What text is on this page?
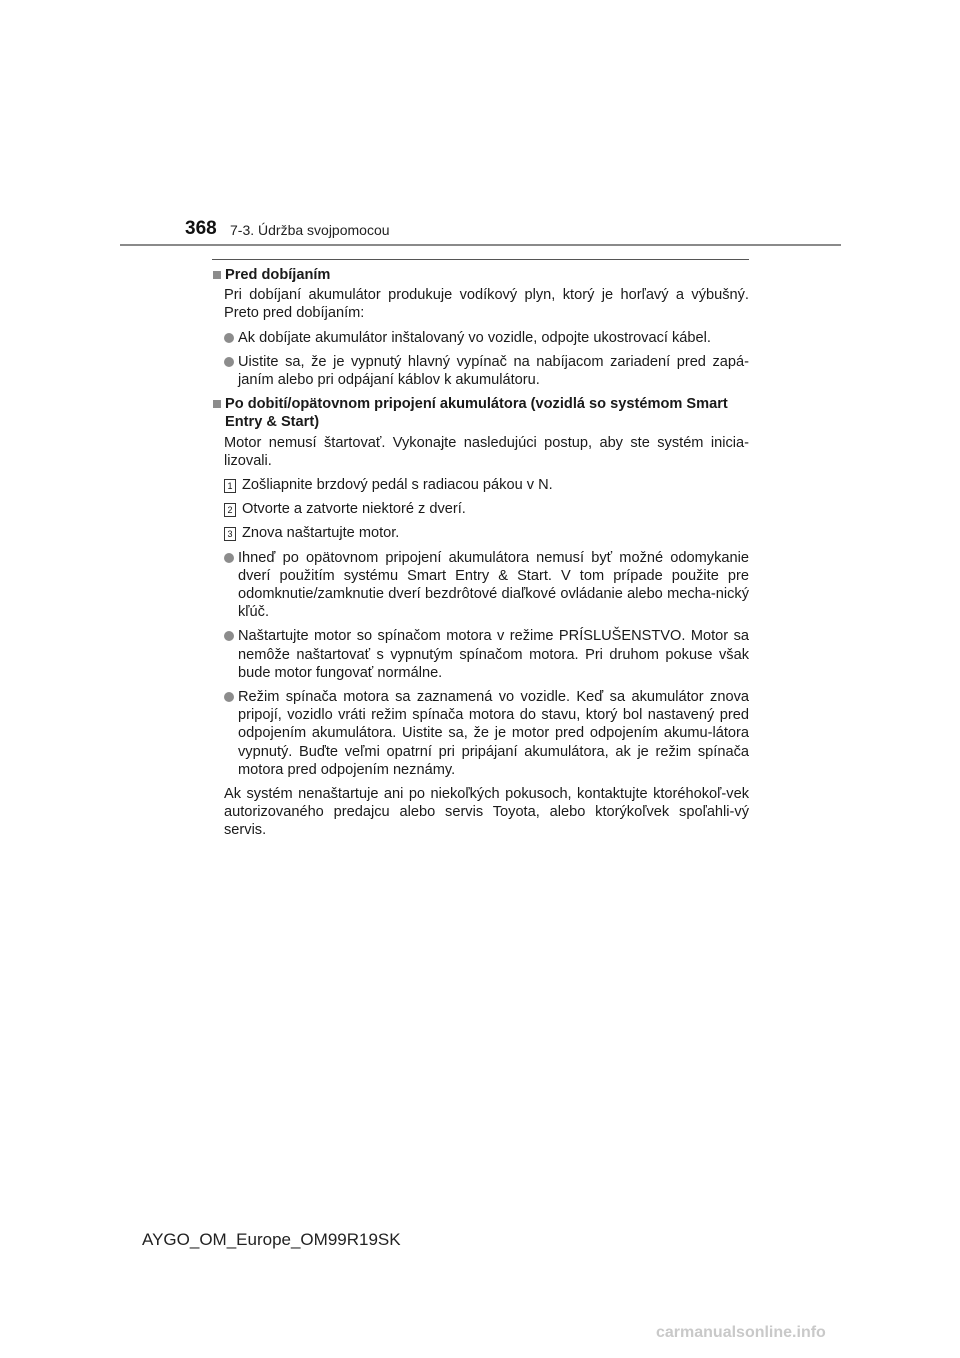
368 7-3. Údržba svojpomocou
Pred dobíjaním
Pri dobíjaní akumulátor produkuje vodíkový plyn, ktorý je horľavý a výbušný. Preto pred dobíjaním:
Ak dobíjate akumulátor inštalovaný vo vozidle, odpojte ukostrovací kábel.
Uistite sa, že je vypnutý hlavný vypínač na nabíjacom zariadení pred zapá-janím alebo pri odpájaní káblov k akumulátoru.
Po dobití/opätovnom pripojení akumulátora (vozidlá so systémom Smart Entry & Start)
Motor nemusí štartovať. Vykonajte nasledujúci postup, aby ste systém inicia-lizovali.
1 Zošliapnite brzdový pedál s radiacou pákou v N.
2 Otvorte a zatvorte niektoré z dverí.
3 Znova naštartujte motor.
Ihneď po opätovnom pripojení akumulátora nemusí byť možné odomykanie dverí použitím systému Smart Entry & Start. V tom prípade použite pre odomknutie/zamknutie dverí bezdrôtové diaľkové ovládanie alebo mecha-nický kľúč.
Naštartujte motor so spínačom motora v režime PRÍSLUŠENSTVO. Motor sa nemôže naštartovať s vypnutým spínačom motora. Pri druhom pokuse však bude motor fungovať normálne.
Režim spínača motora sa zaznamená vo vozidle. Keď sa akumulátor znova pripojí, vozidlo vráti režim spínača motora do stavu, ktorý bol nastavený pred odpojením akumulátora. Uistite sa, že je motor pred odpojením akumu-látora vypnutý. Buďte veľmi opatrní pri pripájaní akumulátora, ak je režim spínača motora pred odpojením neznámy.
Ak systém nenaštartuje ani po niekoľkých pokusoch, kontaktujte ktoréhokoľ-vek autorizovaného predajcu alebo servis Toyota, alebo ktorýkoľvek spoľahli-vý servis.
AYGO_OM_Europe_OM99R19SK
carmanualsonline.info
